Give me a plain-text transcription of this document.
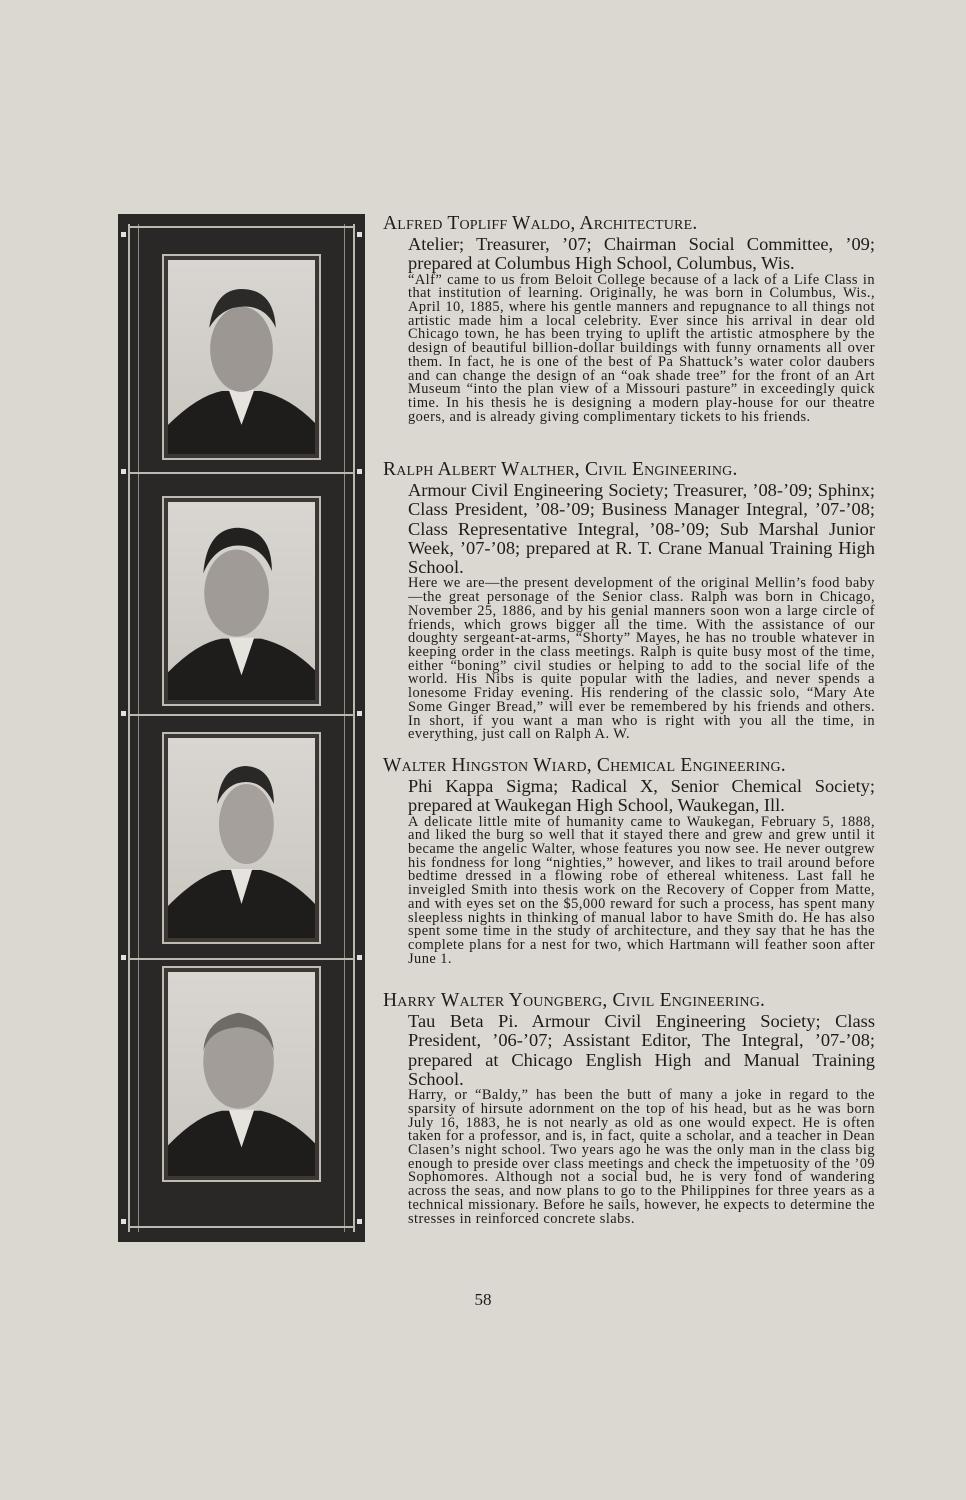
Alfred Topliff Waldo, Architecture.

Atelier; Treasurer, ’07; Chairman Social Committee, ’09; prepared at Columbus High School, Columbus, Wis.

“Alf” came to us from Beloit College because of a lack of a Life Class in that institution of learning. Originally, he was born in Columbus, Wis., April 10, 1885, where his gentle manners and repugnance to all things not artistic made him a local celebrity. Ever since his arrival in dear old Chicago town, he has been trying to uplift the artistic atmosphere by the design of beautiful billion-dollar buildings with funny ornaments all over them. In fact, he is one of the best of Pa Shattuck’s water color daubers and can change the design of an “oak shade tree” for the front of an Art Museum “into the plan view of a Missouri pasture” in exceedingly quick time. In his thesis he is designing a modern play-house for our theatre goers, and is already giving complimentary tickets to his friends.

Ralph Albert Walther, Civil Engineering.

Armour Civil Engineering Society; Treasurer, ’08-’09; Sphinx; Class President, ’08-’09; Business Manager Integral, ’07-’08; Class Representative Integral, ’08-’09; Sub Marshal Junior Week, ’07-’08; prepared at R. T. Crane Manual Training High School.

Here we are—the present development of the original Mellin’s food baby—the great personage of the Senior class. Ralph was born in Chicago, November 25, 1886, and by his genial manners soon won a large circle of friends, which grows bigger all the time. With the assistance of our doughty sergeant-at-arms, “Shorty” Mayes, he has no trouble whatever in keeping order in the class meetings. Ralph is quite busy most of the time, either “boning” civil studies or helping to add to the social life of the world. His Nibs is quite popular with the ladies, and never spends a lonesome Friday evening. His rendering of the classic solo, “Mary Ate Some Ginger Bread,” will ever be remembered by his friends and others. In short, if you want a man who is right with you all the time, in everything, just call on Ralph A. W.

Walter Hingston Wiard, Chemical Engineering.

Phi Kappa Sigma; Radical X, Senior Chemical Society; prepared at Waukegan High School, Waukegan, Ill.

A delicate little mite of humanity came to Waukegan, February 5, 1888, and liked the burg so well that it stayed there and grew and grew until it became the angelic Walter, whose features you now see. He never outgrew his fondness for long “nighties,” however, and likes to trail around before bedtime dressed in a flowing robe of ethereal whiteness. Last fall he inveigled Smith into thesis work on the Recovery of Copper from Matte, and with eyes set on the $5,000 reward for such a process, has spent many sleepless nights in thinking of manual labor to have Smith do. He has also spent some time in the study of architecture, and they say that he has the complete plans for a nest for two, which Hartmann will feather soon after June 1.

Harry Walter Youngberg, Civil Engineering.

Tau Beta Pi. Armour Civil Engineering Society; Class President, ’06-’07; Assistant Editor, The Integral, ’07-’08; prepared at Chicago English High and Manual Training School.

Harry, or “Baldy,” has been the butt of many a joke in regard to the sparsity of hirsute adornment on the top of his head, but as he was born July 16, 1883, he is not nearly as old as one would expect. He is often taken for a professor, and is, in fact, quite a scholar, and a teacher in Dean Clasen’s night school. Two years ago he was the only man in the class big enough to preside over class meetings and check the impetuosity of the ’09 Sophomores. Although not a social bud, he is very fond of wandering across the seas, and now plans to go to the Philippines for three years as a technical missionary. Before he sails, however, he expects to determine the stresses in reinforced concrete slabs.

58
